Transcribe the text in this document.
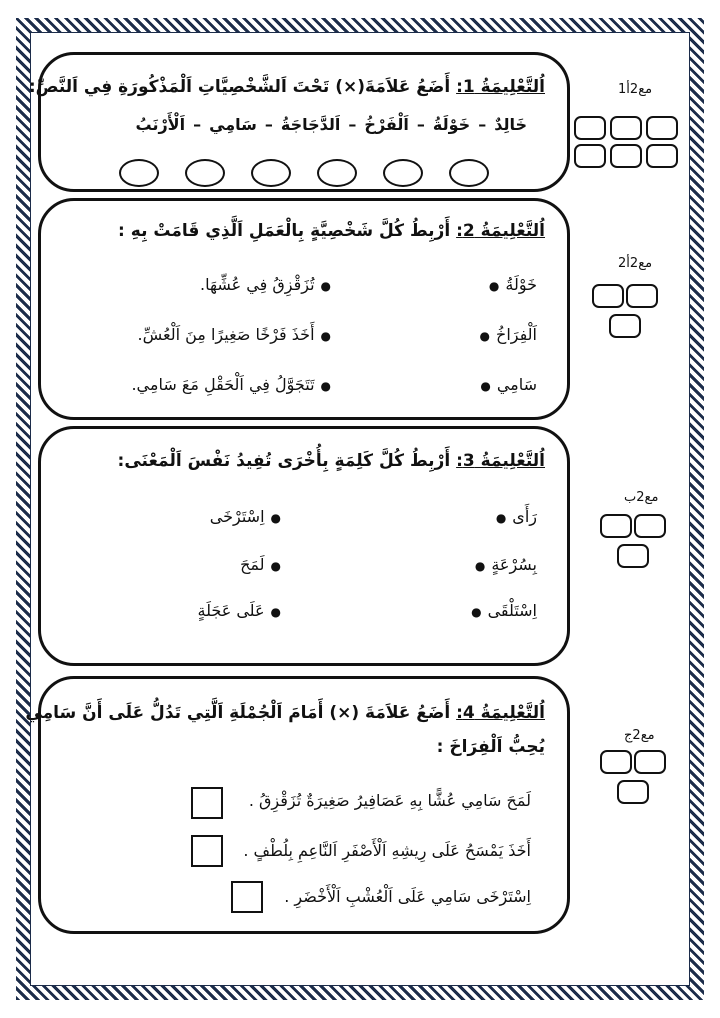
اُلتَّعْلِيمَةُ 1: أَضَعُ عَلاَمَةَ(×) تَحْتَ اَلشَّخْصِيَّاتِ اَلْمَذْكُورَةِ فِي اَلنَّصِّ:
خَالِدٌ
–
خَوْلَةُ
–
اَلْفَرْخُ
–
اَلدَّجَاجَةُ
–
سَامِي
–
اَلْأَرْنَبُ
اُلتَّعْلِيمَةُ 2: أَرْبِطُ كُلَّ شَخْصِيَّةٍ بِالْعَمَلِ اَلَّذِي قَامَتْ بِهِ :
خَوْلَةُ●
●تُزَقْزِقُ فِي عُشِّهَا.
اَلْفِرَاخُ●
●أَخَذَ فَرْخًا صَغِيرًا مِنَ اَلْعُشِّ.
سَامِي●
●تَتَجَوَّلُ فِي اَلْحَقْلِ مَعَ سَامِي.
اُلتَّعْلِيمَةُ 3: أَرْبِطُ كُلَّ كَلِمَةٍ بِأُخْرَى تُفِيدُ نَفْسَ اَلْمَعْنَى:
رَأَى●
●اِسْتَرْخَى
بِسُرْعَةٍ●
●لَمَحَ
اِسْتَلْقَى●
●عَلَى عَجَلَةٍ
اُلتَّعْلِيمَةُ 4: أَضَعُ عَلاَمَةَ (×) أَمَامَ اَلْجُمْلَةِ اَلَّتِي تَدُلُّ عَلَى أَنَّ سَامِي
يُحِبُّ اَلْفِرَاخَ :
لَمَحَ سَامِي عُشًّا بِهِ عَصَافِيرُ صَغِيرَةٌ تُزَقْزِقُ .
أَخَذَ يَمْسَحُ عَلَى رِيشِهِ اَلْأَصْفَرِ اَلنَّاعِمِ بِلُطْفٍ .
اِسْتَرْخَى سَامِي عَلَى اَلْعُشْبِ اَلْأَخْضَرِ .
مع2أ1
مع2أ2
مع2ب
مع2ج
